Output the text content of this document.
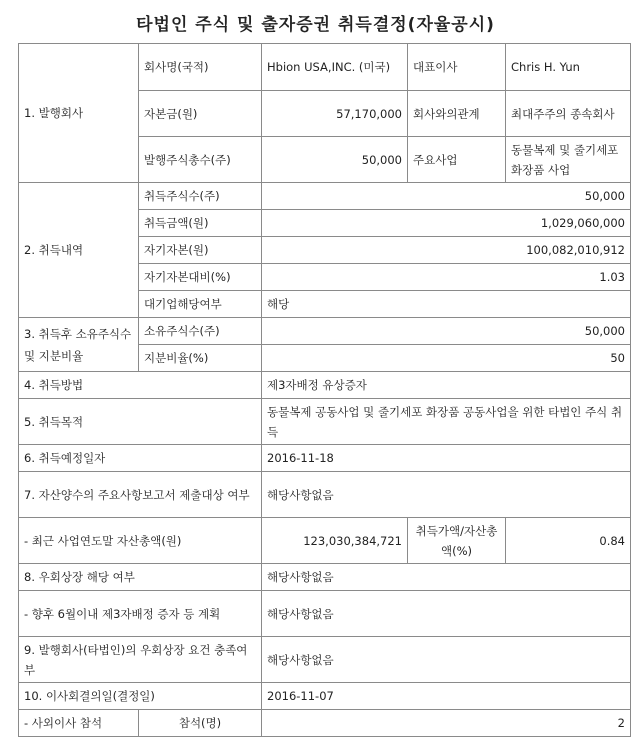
타법인 주식 및 출자증권 취득결정(자율공시)
1. 발행회사	회사명(국적)	Hbion USA,INC. (미국)	대표이사	Chris H. Yun
	자본금(원)	57,170,000	회사와의관계	최대주주의 종속회사
	발행주식총수(주)	50,000	주요사업	동물복제 및 줄기세포 화장품 사업
2. 취득내역	취득주식수(주)	50,000		
	취득금액(원)	1,029,060,000		
	자기자본(원)	100,082,010,912		
	자기자본대비(%)	1.03		
	대기업해당여부	해당		
3. 취득후 소유주식수 및 지분비율	소유주식수(주)	50,000		
	지분비율(%)	50		
4. 취득방법		제3자배정 유상증자		
5. 취득목적		동물복제 공동사업 및 줄기세포 화장품 공동사업을 위한 타법인 주식 취득		
6. 취득예정일자		2016-11-18		
7. 자산양수의 주요사항보고서 제출대상 여부		해당사항없음		
- 최근 사업연도말 자산총액(원)		123,030,384,721	취득가액/자산총액(%)	0.84
8. 우회상장 해당 여부		해당사항없음		
- 향후 6월이내 제3자배정 증자 등 계획		해당사항없음		
9. 발행회사(타법인)의 우회상장 요건 충족여부		해당사항없음		
10. 이사회결의일(결정일)		2016-11-07		
- 사외이사 참석	참석(명)	2		
